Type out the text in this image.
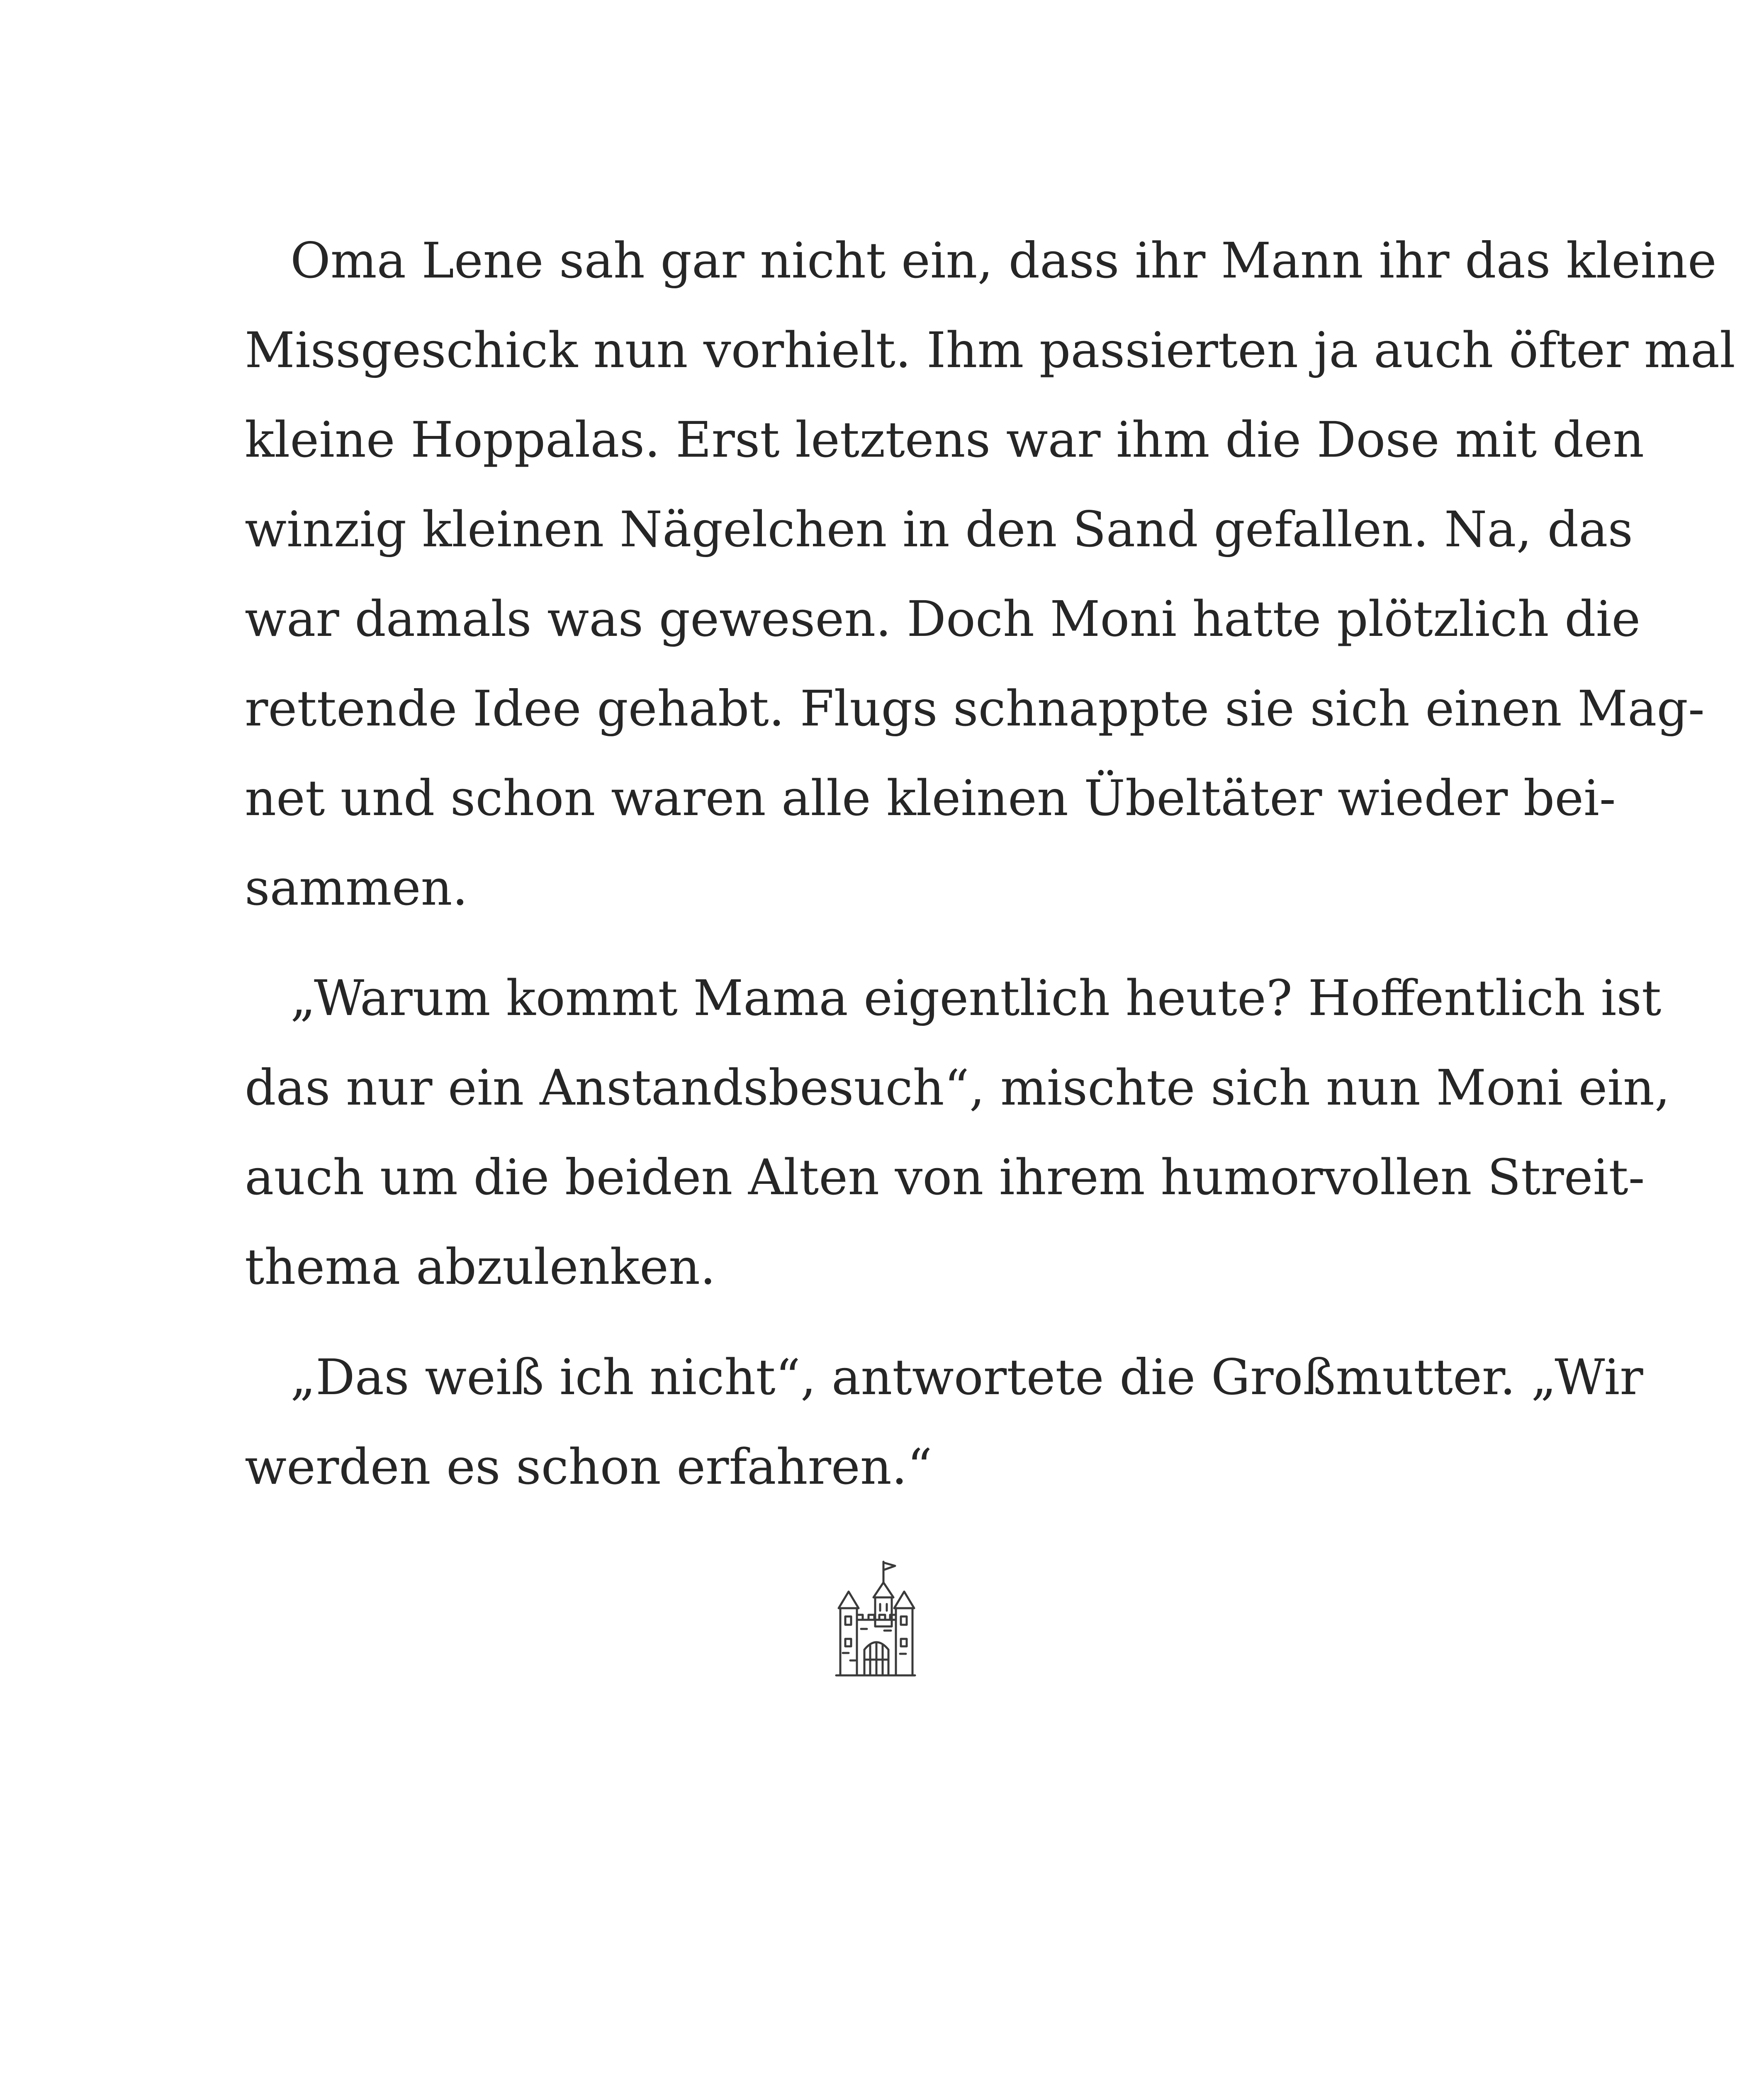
Oma Lene sah gar nicht ein, dass ihr Mann ihr das kleine
Missgeschick nun vorhielt. Ihm passierten ja auch öfter mal
kleine Hoppalas. Erst letztens war ihm die Dose mit den
winzig kleinen Nägelchen in den Sand gefallen. Na, das
war damals was gewesen. Doch Moni hatte plötzlich die
rettende Idee gehabt. Flugs schnappte sie sich einen Mag-
net und schon waren alle kleinen Übeltäter wieder bei-
sammen.
„Warum kommt Mama eigentlich heute? Hoffentlich ist
das nur ein Anstandsbesuch“, mischte sich nun Moni ein,
auch um die beiden Alten von ihrem humorvollen Streit-
thema abzulenken.
„Das weiß ich nicht“, antwortete die Großmutter. „Wir
werden es schon erfahren.“
